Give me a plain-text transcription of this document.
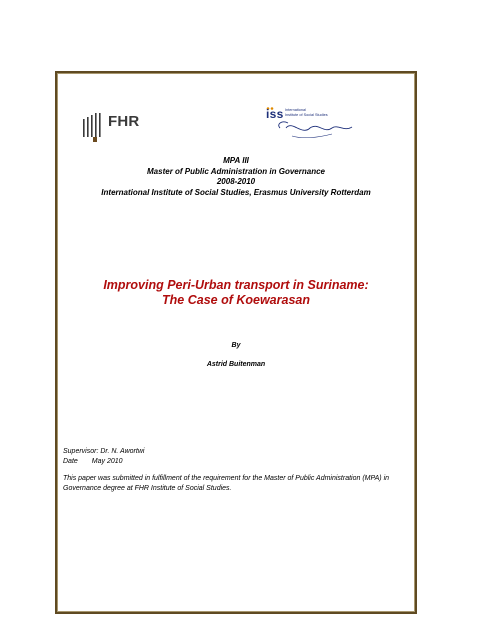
FHR	iss International
Institute of Social Studies
MPA III
Master of Public Administration in Governance
2008-2010
International Institute of Social Studies, Erasmus University Rotterdam
Improving Peri-Urban transport in Suriname:
The Case of Koewarasan
By
Astrid Buitenman
Supervisor: Dr. N. Awortwi
Date May 2010
This paper was submitted in fulfillment of the requirement for the Master of Public Administration (MPA) in Governance degree at FHR Institute of Social Studies.
